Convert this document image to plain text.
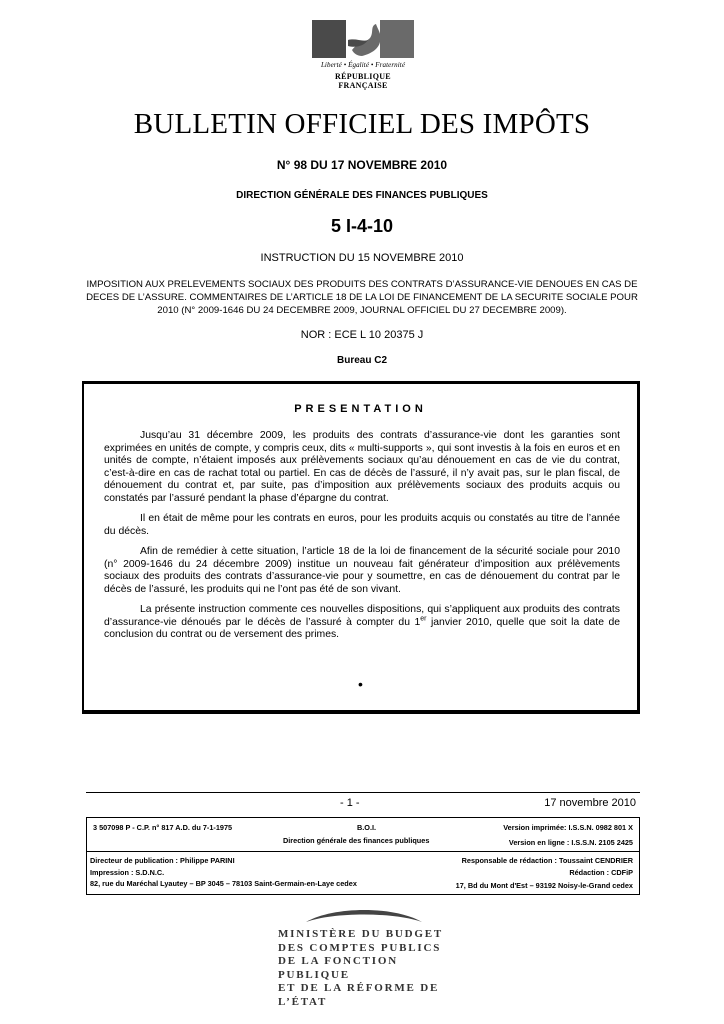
Liberté • Égalité • Fraternité
RÉPUBLIQUE FRANÇAISE
BULLETIN OFFICIEL DES IMPÔTS
N° 98 DU 17 NOVEMBRE 2010
DIRECTION GÉNÉRALE DES FINANCES PUBLIQUES
5 I-4-10
INSTRUCTION DU 15 NOVEMBRE 2010
IMPOSITION AUX PRELEVEMENTS SOCIAUX DES PRODUITS DES CONTRATS D’ASSURANCE-VIE DENOUES EN CAS DE DECES DE L’ASSURE. COMMENTAIRES DE L’ARTICLE 18 DE LA LOI DE FINANCEMENT DE LA SECURITE SOCIALE POUR 2010 (N° 2009-1646 DU 24 DECEMBRE 2009, JOURNAL OFFICIEL DU 27 DECEMBRE 2009).
NOR : ECE L 10 20375 J
Bureau C2
PRESENTATION

Jusqu’au 31 décembre 2009, les produits des contrats d’assurance-vie dont les garanties sont exprimées en unités de compte, y compris ceux, dits « multi-supports », qui sont investis à la fois en euros et en unités de compte, n’étaient imposés aux prélèvements sociaux qu’au dénouement en cas de vie du contrat, c’est-à-dire en cas de rachat total ou partiel. En cas de décès de l’assuré, il n’y avait pas, sur le plan fiscal, de dénouement du contrat et, par suite, pas d’imposition aux prélèvements sociaux des produits acquis ou constatés par l’assuré pendant la phase d’épargne du contrat.

Il en était de même pour les contrats en euros, pour les produits acquis ou constatés au titre de l’année du décès.

Afin de remédier à cette situation, l’article 18 de la loi de financement de la sécurité sociale pour 2010 (n° 2009-1646 du 24 décembre 2009) institue un nouveau fait générateur d’imposition aux prélèvements sociaux des produits des contrats d’assurance-vie pour y soumettre, en cas de dénouement du contrat par le décès de l’assuré, les produits qui ne l’ont pas été de son vivant.

La présente instruction commente ces nouvelles dispositions, qui s’appliquent aux produits des contrats d’assurance-vie dénoués par le décès de l’assuré à compter du 1er janvier 2010, quelle que soit la date de conclusion du contrat ou de versement des primes.

•
- 1 -	17 novembre 2010
3 507098 P - C.P. n° 817 A.D. du 7-1-1975	B.O.I.
Direction générale des finances publiques
Version imprimée: I.S.S.N. 0982 801 X
Version en ligne : I.S.S.N. 2105 2425
Directeur de publication : Philippe PARINI	Responsable de rédaction : Toussaint CENDRIER
Impression : S.D.N.C.	Rédaction : CDFiP
82, rue du Maréchal Lyautey – BP 3045 – 78103 Saint-Germain-en-Laye cedex	17, Bd du Mont d'Est – 93192 Noisy-le-Grand cedex
MINISTÈRE DU BUDGET
DES COMPTES PUBLICS
DE LA FONCTION PUBLIQUE
ET DE LA RÉFORME DE L’ÉTAT
